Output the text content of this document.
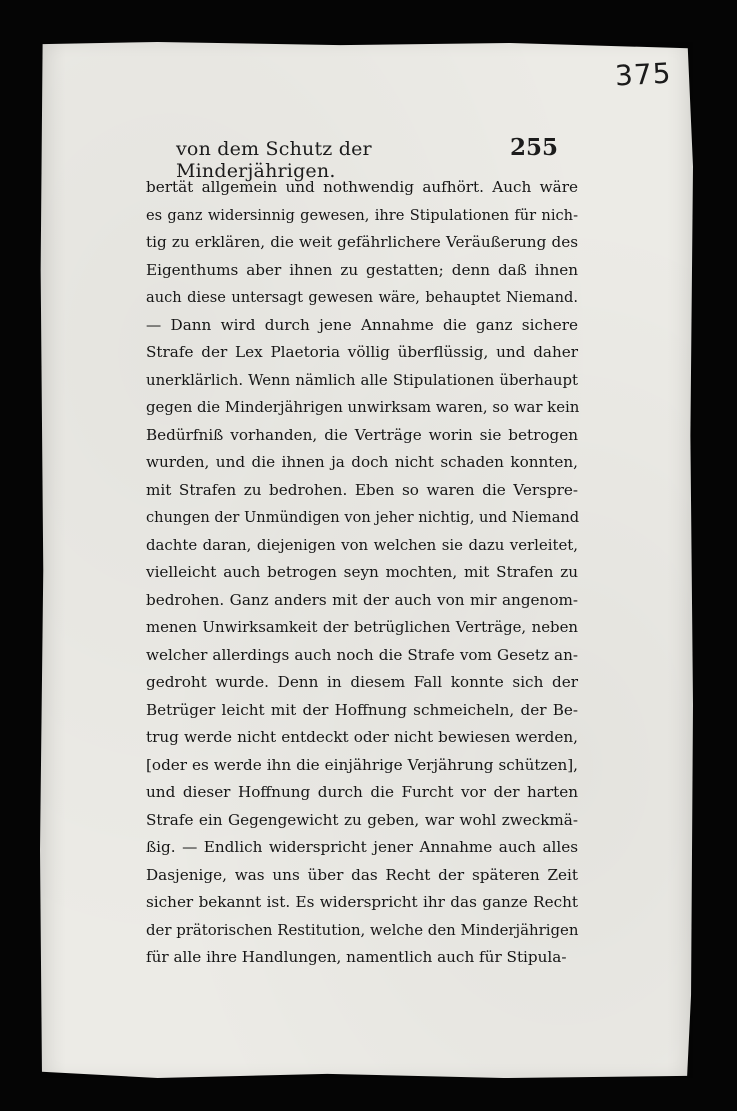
375
von dem Schutz der Minderjährigen.
255
bertät allgemein und nothwendig aufhört. Auch wäre
es ganz widersinnig gewesen, ihre Stipulationen für nich-
tig zu erklären, die weit gefährlichere Veräußerung des
Eigenthums aber ihnen zu gestatten; denn daß ihnen
auch diese untersagt gewesen wäre, behauptet Niemand.
— Dann wird durch jene Annahme die ganz sichere
Strafe der Lex Plaetoria völlig überflüssig, und daher
unerklärlich. Wenn nämlich alle Stipulationen überhaupt
gegen die Minderjährigen unwirksam waren, so war kein
Bedürfniß vorhanden, die Verträge worin sie betrogen
wurden, und die ihnen ja doch nicht schaden konnten,
mit Strafen zu bedrohen. Eben so waren die Verspre-
chungen der Unmündigen von jeher nichtig, und Niemand
dachte daran, diejenigen von welchen sie dazu verleitet,
vielleicht auch betrogen seyn mochten, mit Strafen zu
bedrohen. Ganz anders mit der auch von mir angenom-
menen Unwirksamkeit der betrüglichen Verträge, neben
welcher allerdings auch noch die Strafe vom Gesetz an-
gedroht wurde. Denn in diesem Fall konnte sich der
Betrüger leicht mit der Hoffnung schmeicheln, der Be-
trug werde nicht entdeckt oder nicht bewiesen werden,
[oder es werde ihn die einjährige Verjährung schützen],
und dieser Hoffnung durch die Furcht vor der harten
Strafe ein Gegengewicht zu geben, war wohl zweckmä-
ßig. — Endlich widerspricht jener Annahme auch alles
Dasjenige, was uns über das Recht der späteren Zeit
sicher bekannt ist. Es widerspricht ihr das ganze Recht
der prätorischen Restitution, welche den Minderjährigen
für alle ihre Handlungen, namentlich auch für Stipula-
